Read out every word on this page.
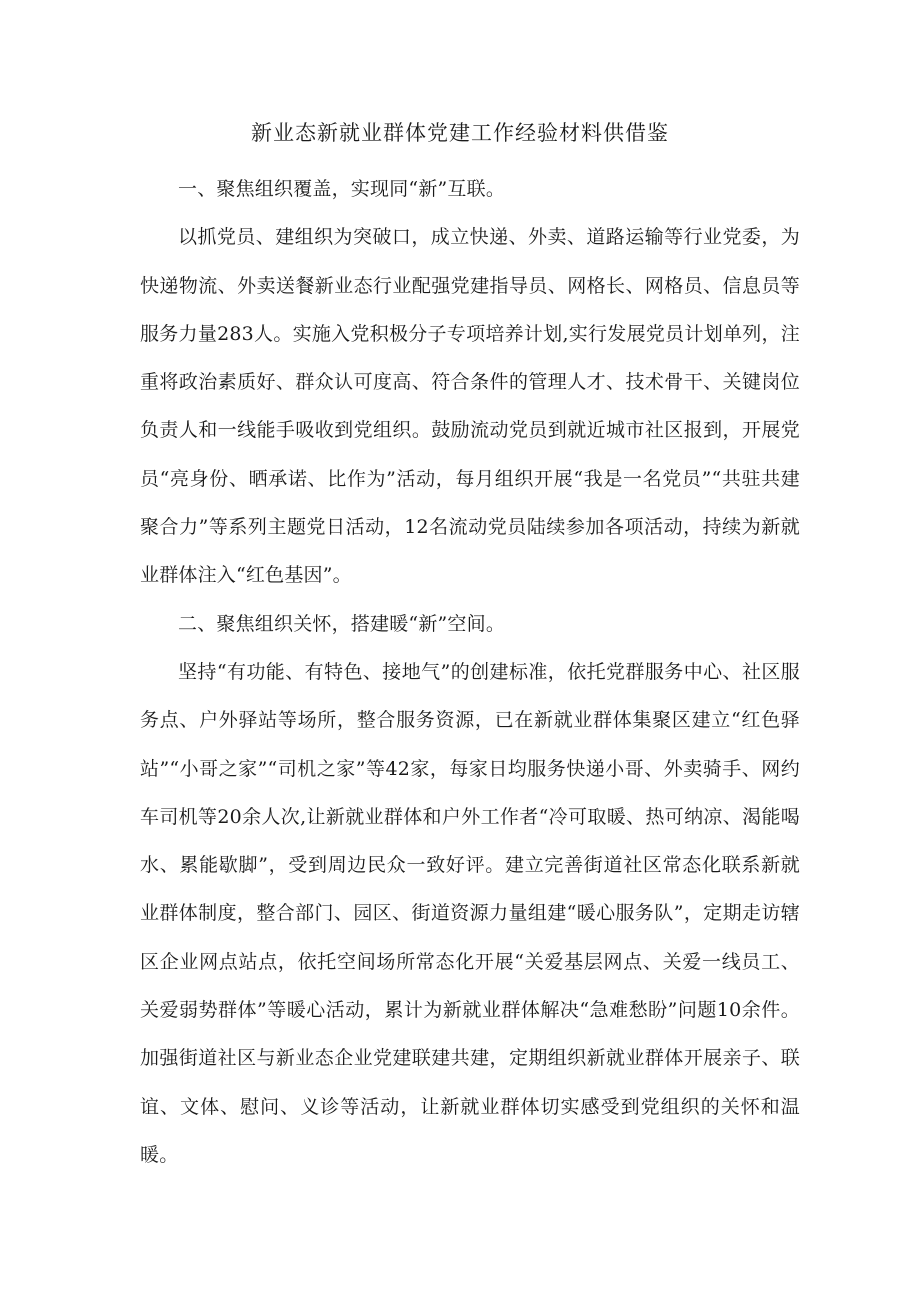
新业态新就业群体党建工作经验材料供借鉴

一、聚焦组织覆盖，实现同“新”互联。

以抓党员、建组织为突破口，成立快递、外卖、道路运输等行业党委，为快递物流、外卖送餐新业态行业配强党建指导员、网格长、网格员、信息员等服务力量283人。实施入党积极分子专项培养计划,实行发展党员计划单列，注重将政治素质好、群众认可度高、符合条件的管理人才、技术骨干、关键岗位负责人和一线能手吸收到党组织。鼓励流动党员到就近城市社区报到，开展党员“亮身份、晒承诺、比作为”活动，每月组织开展“我是一名党员”“共驻共建聚合力”等系列主题党日活动，12名流动党员陆续参加各项活动，持续为新就业群体注入“红色基因”。

二、聚焦组织关怀，搭建暖“新”空间。

坚持“有功能、有特色、接地气”的创建标准，依托党群服务中心、社区服务点、户外驿站等场所，整合服务资源，已在新就业群体集聚区建立“红色驿站”“小哥之家”“司机之家”等42家，每家日均服务快递小哥、外卖骑手、网约车司机等20余人次,让新就业群体和户外工作者“冷可取暖、热可纳凉、渴能喝水、累能歇脚”，受到周边民众一致好评。建立完善街道社区常态化联系新就业群体制度，整合部门、园区、街道资源力量组建“暖心服务队”，定期走访辖区企业网点站点，依托空间场所常态化开展“关爱基层网点、关爱一线员工、关爱弱势群体”等暖心活动，累计为新就业群体解决“急难愁盼”问题10余件。加强街道社区与新业态企业党建联建共建，定期组织新就业群体开展亲子、联谊、文体、慰问、义诊等活动，让新就业群体切实感受到党组织的关怀和温暖。
